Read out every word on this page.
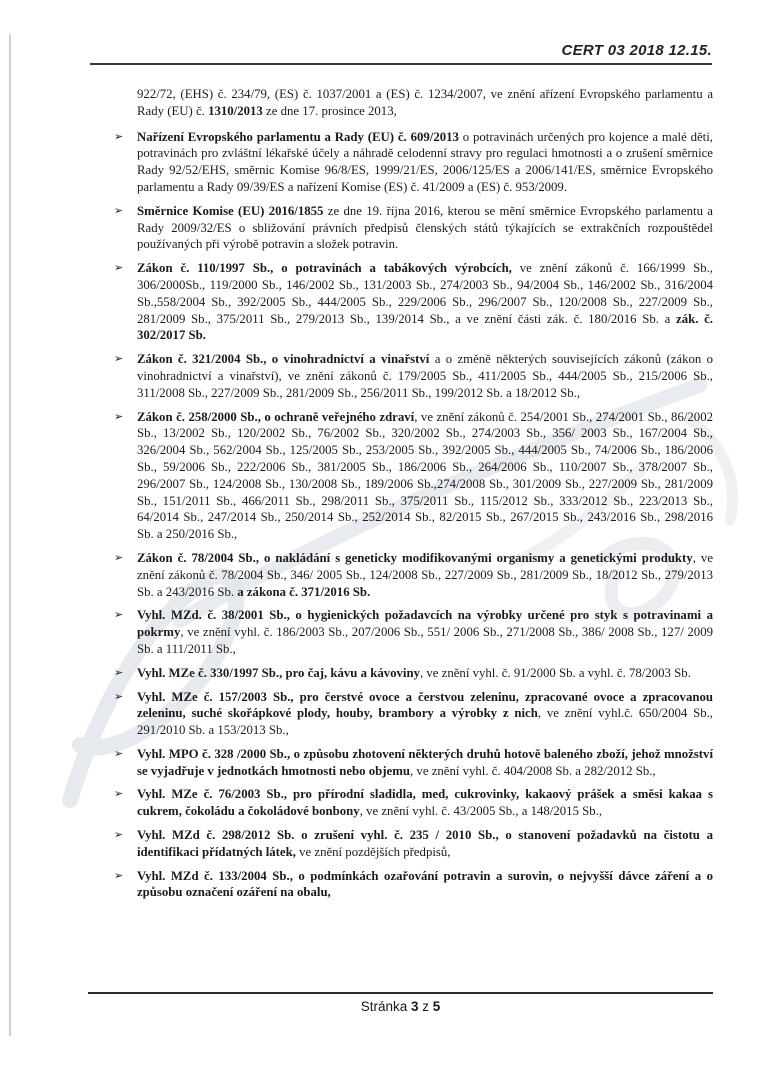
CERT 03 2018 12.15.

922/72, (EHS) č. 234/79, (ES) č. 1037/2001 a (ES) č. 1234/2007, ve znění ařízení Evropského parlamentu a Rady (EU) č. 1310/2013 ze dne 17. prosince 2013,

➢ Nařízení Evropského parlamentu a Rady (EU) č. 609/2013 o potravinách určených pro kojence a malé děti, potravinách pro zvláštní lékařské účely a náhradě celodenní stravy pro regulaci hmotnosti a o zrušení směrnice Rady 92/52/EHS, směrnic Komise 96/8/ES, 1999/21/ES, 2006/125/ES a 2006/141/ES, směrnice Evropského parlamentu a Rady 09/39/ES a nařízení Komise (ES) č. 41/2009 a (ES) č. 953/2009.
➢ Směrnice Komise (EU) 2016/1855 ze dne 19. října 2016, kterou se mění směrnice Evropského parlamentu a Rady 2009/32/ES o sbližování právních předpisů členských států týkajících se extrakčních rozpouštědel používaných při výrobě potravin a složek potravin.
➢ Zákon č. 110/1997 Sb., o potravinách a tabákových výrobcích, ve znění zákonů č. 166/1999 Sb., 306/2000Sb., 119/2000 Sb., 146/2002 Sb., 131/2003 Sb., 274/2003 Sb., 94/2004 Sb., 146/2002 Sb., 316/2004 Sb.,558/2004 Sb., 392/2005 Sb., 444/2005 Sb., 229/2006 Sb., 296/2007 Sb., 120/2008 Sb., 227/2009 Sb., 281/2009 Sb., 375/2011 Sb., 279/2013 Sb., 139/2014 Sb., a ve znění části zák. č. 180/2016 Sb. a zák. č. 302/2017 Sb.
➢ Zákon č. 321/2004 Sb., o vinohradnictví a vinařství a o změně některých souvisejících zákonů (zákon o vinohradnictví a vinařství), ve znění zákonů č. 179/2005 Sb., 411/2005 Sb., 444/2005 Sb., 215/2006 Sb., 311/2008 Sb., 227/2009 Sb., 281/2009 Sb., 256/2011 Sb., 199/2012 Sb. a 18/2012 Sb.,
➢ Zákon č. 258/2000 Sb., o ochraně veřejného zdraví, ve znění zákonů č. 254/2001 Sb., 274/2001 Sb., 86/2002 Sb., 13/2002 Sb., 120/2002 Sb., 76/2002 Sb., 320/2002 Sb., 274/2003 Sb., 356/ 2003 Sb., 167/2004 Sb., 326/2004 Sb., 562/2004 Sb., 125/2005 Sb., 253/2005 Sb., 392/2005 Sb., 444/2005 Sb., 74/2006 Sb., 186/2006 Sb., 59/2006 Sb., 222/2006 Sb., 381/2005 Sb., 186/2006 Sb., 264/2006 Sb., 110/2007 Sb., 378/2007 Sb., 296/2007 Sb., 124/2008 Sb., 130/2008 Sb., 189/2006 Sb.,274/2008 Sb., 301/2009 Sb., 227/2009 Sb., 281/2009 Sb., 151/2011 Sb., 466/2011 Sb., 298/2011 Sb., 375/2011 Sb., 115/2012 Sb., 333/2012 Sb., 223/2013 Sb., 64/2014 Sb., 247/2014 Sb., 250/2014 Sb., 252/2014 Sb., 82/2015 Sb., 267/2015 Sb., 243/2016 Sb., 298/2016 Sb. a 250/2016 Sb.,
➢ Zákon č. 78/2004 Sb., o nakládání s geneticky modifikovanými organismy a genetickými produkty, ve znění zákonů č. 78/2004 Sb., 346/ 2005 Sb., 124/2008 Sb., 227/2009 Sb., 281/2009 Sb., 18/2012 Sb., 279/2013 Sb. a 243/2016 Sb. a zákona č. 371/2016 Sb.
➢ Vyhl. MZd. č. 38/2001 Sb., o hygienických požadavcích na výrobky určené pro styk s potravinami a pokrmy, ve znění vyhl. č. 186/2003 Sb., 207/2006 Sb., 551/ 2006 Sb., 271/2008 Sb., 386/ 2008 Sb., 127/ 2009 Sb. a 111/2011 Sb.,
➢ Vyhl. MZe č. 330/1997 Sb., pro čaj, kávu a kávoviny, ve znění vyhl. č. 91/2000 Sb. a vyhl. č. 78/2003 Sb.
➢ Vyhl. MZe č. 157/2003 Sb., pro čerstvé ovoce a čerstvou zeleninu, zpracované ovoce a zpracovanou zeleninu, suché skořápkové plody, houby, brambory a výrobky z nich, ve znění vyhl.č. 650/2004 Sb., 291/2010 Sb. a 153/2013 Sb.,
➢ Vyhl. MPO č. 328 /2000 Sb., o způsobu zhotovení některých druhů hotově baleného zboží, jehož množství se vyjadřuje v jednotkách hmotnosti nebo objemu, ve znění vyhl. č. 404/2008 Sb. a 282/2012 Sb.,
➢ Vyhl. MZe č. 76/2003 Sb., pro přírodní sladidla, med, cukrovinky, kakaový prášek a směsi kakaa s cukrem, čokoládu a čokoládové bonbony, ve znění vyhl. č. 43/2005 Sb., a 148/2015 Sb.,
➢ Vyhl. MZd č. 298/2012 Sb. o zrušení vyhl. č. 235 / 2010 Sb., o stanovení požadavků na čistotu a identifikaci přídatných látek, ve znění pozdějších předpisů,
➢ Vyhl. MZd č. 133/2004 Sb., o podmínkách ozařování potravin a surovin, o nejvyšší dávce záření a o způsobu označení ozáření na obalu,
Stránka 3 z 5
